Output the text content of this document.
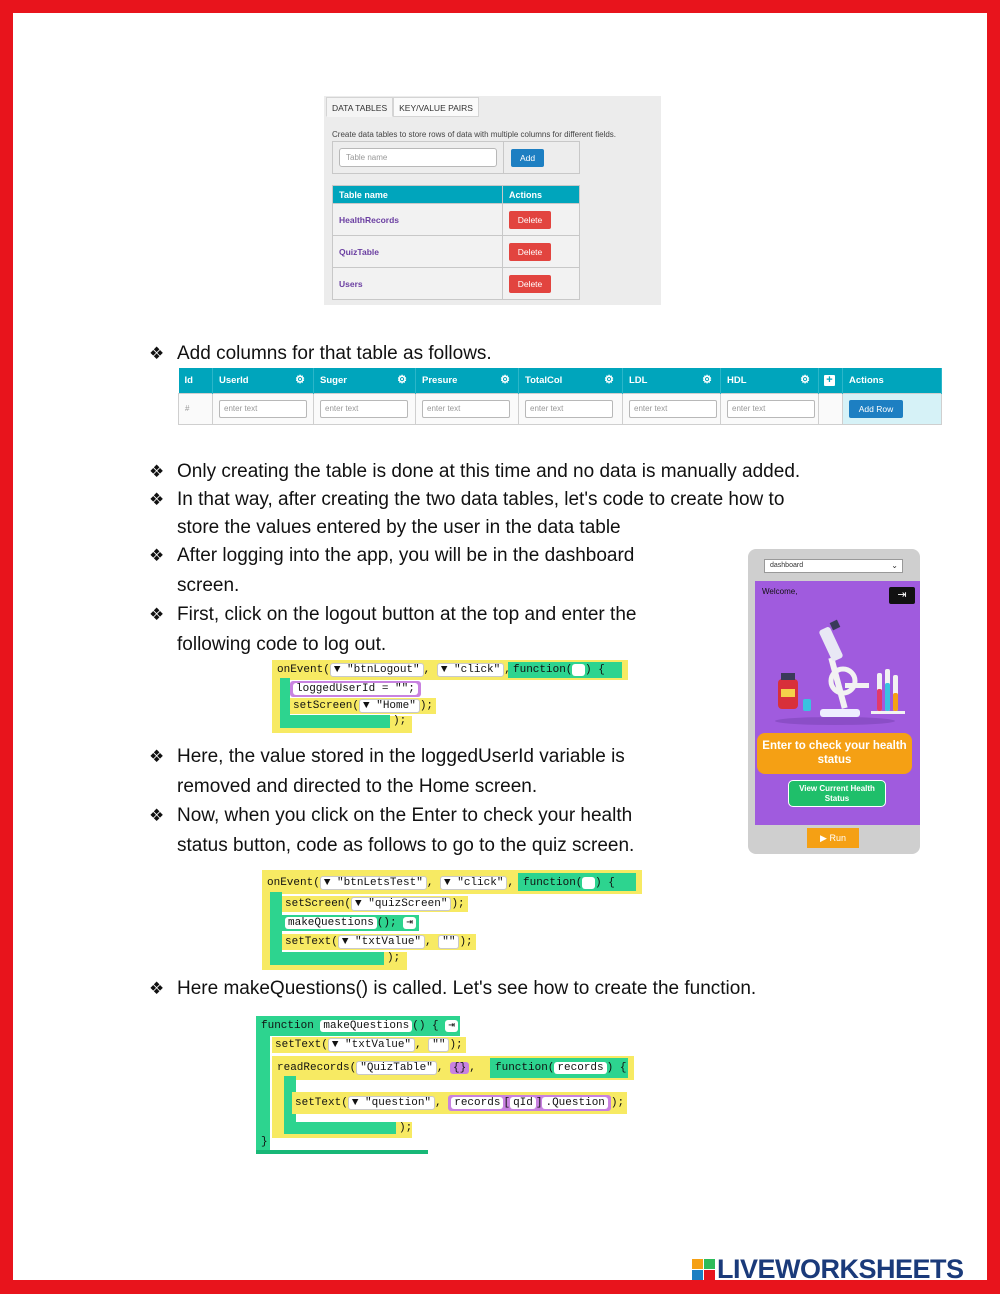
DATA TABLES	KEY/VALUE PAIRS
Create data tables to store rows of data with multiple columns for different fields.
Table name	Add
Table name	Actions
HealthRecords	Delete
QuizTable	Delete
Users	Delete
❖ Add columns for that table as follows.
Id	UserId ⚙	Suger ⚙	Presure ⚙	TotalCol ⚙	LDL ⚙	HDL ⚙	+	Actions
#	enter text	enter text	enter text	enter text	enter text	enter text		Add Row
❖ Only creating the table is done at this time and no data is manually added.
❖ In that way, after creating the two data tables, let's code to create how to
store the values entered by the user in the data table
❖ After logging into the app, you will be in the dashboard
screen.
❖ First, click on the logout button at the top and enter the
following code to log out.
onEvent( ▼ "btnLogout" , ▼ "click" , function( ) {
loggedUserId = "";
setScreen( ▼ "Home" );
);
❖ Here, the value stored in the loggedUserId variable is
removed and directed to the Home screen.
❖ Now, when you click on the Enter to check your health
status button, code as follows to go to the quiz screen.
dashboard	⌄
Welcome,	⇥
Enter to check your health status
View Current Health Status
▶ Run
onEvent( ▼ "btnLetsTest" , ▼ "click" , function( ) {
setScreen( ▼ "quizScreen" );
makeQuestions (); ⇥
setText( ▼ "txtValue" , "" );
);
❖ Here makeQuestions() is called. Let's see how to create the function.
function makeQuestions () { ⇥
setText( ▼ "txtValue" , "" );
readRecords( "QuizTable" , {} , function( records ) {
setText( ▼ "question" , records [ qId ] .Question );
);
}
LIVEWORKSHEETS
